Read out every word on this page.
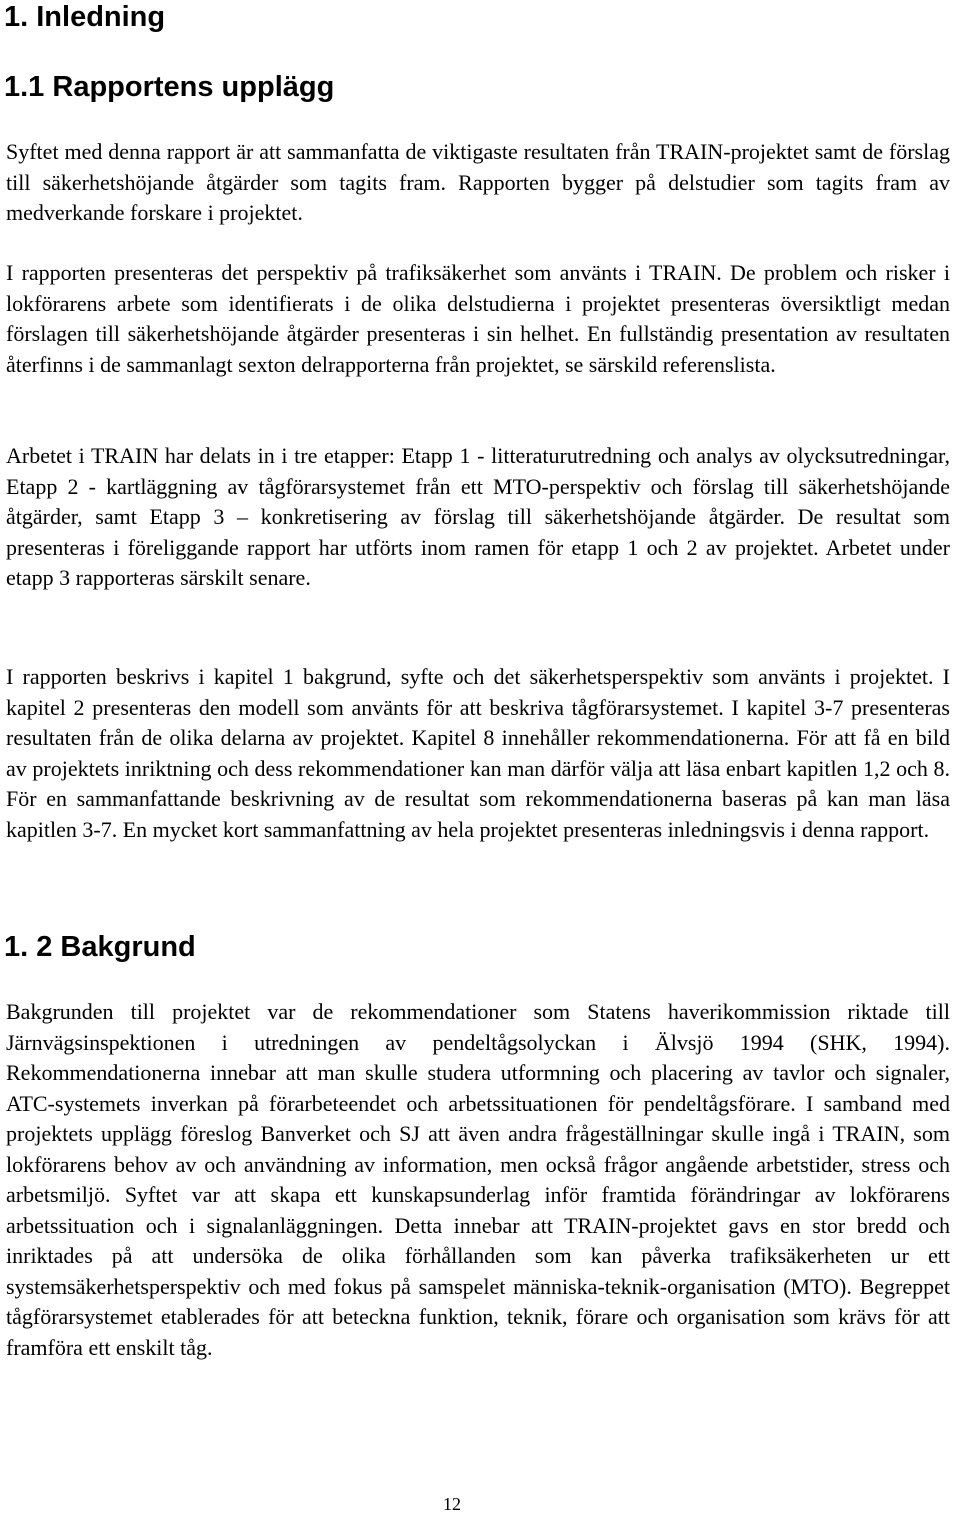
1. Inledning
1.1 Rapportens upplägg

Syftet med denna rapport är att sammanfatta de viktigaste resultaten från TRAIN-projektet samt de förslag till säkerhetshöjande åtgärder som tagits fram. Rapporten bygger på delstudier som tagits fram av medverkande forskare i projektet.

I rapporten presenteras det perspektiv på trafiksäkerhet som använts i TRAIN. De problem och risker i lokförarens arbete som identifierats i de olika delstudierna i projektet presenteras översiktligt medan förslagen till säkerhetshöjande åtgärder presenteras i sin helhet. En fullständig presentation av resultaten återfinns i de sammanlagt sexton delrapporterna från projektet, se särskild referenslista.

Arbetet i TRAIN har delats in i tre etapper: Etapp 1 - litteraturutredning och analys av olycksutredningar, Etapp 2 - kartläggning av tågförarsystemet från ett MTO-perspektiv och förslag till säkerhetshöjande åtgärder, samt Etapp 3 – konkretisering av förslag till säkerhetshöjande åtgärder. De resultat som presenteras i föreliggande rapport har utförts inom ramen för etapp 1 och 2 av projektet. Arbetet under etapp 3 rapporteras särskilt senare.

I rapporten beskrivs i kapitel 1 bakgrund, syfte och det säkerhetsperspektiv som använts i projektet. I kapitel 2 presenteras den modell som använts för att beskriva tågförarsystemet. I kapitel 3-7 presenteras resultaten från de olika delarna av projektet. Kapitel 8 innehåller rekommendationerna. För att få en bild av projektets inriktning och dess rekommendationer kan man därför välja att läsa enbart kapitlen 1,2 och 8. För en sammanfattande beskrivning av de resultat som rekommendationerna baseras på kan man läsa kapitlen 3-7. En mycket kort sammanfattning av hela projektet presenteras inledningsvis i denna rapport.

1. 2 Bakgrund

Bakgrunden till projektet var de rekommendationer som Statens haverikommission riktade till Järnvägsinspektionen i utredningen av pendeltågsolyckan i Älvsjö 1994 (SHK, 1994). Rekommendationerna innebar att man skulle studera utformning och placering av tavlor och signaler, ATC-systemets inverkan på förarbeteendet och arbetssituationen för pendeltågsförare. I samband med projektets upplägg föreslog Banverket och SJ att även andra frågeställningar skulle ingå i TRAIN, som lokförarens behov av och användning av information, men också frågor angående arbetstider, stress och arbetsmiljö. Syftet var att skapa ett kunskapsunderlag inför framtida förändringar av lokförarens arbetssituation och i signalanläggningen. Detta innebar att TRAIN-projektet gavs en stor bredd och inriktades på att undersöka de olika förhållanden som kan påverka trafiksäkerheten ur ett systemsäkerhetsperspektiv och med fokus på samspelet människa-teknik-organisation (MTO). Begreppet tågförarsystemet etablerades för att beteckna funktion, teknik, förare och organisation som krävs för att framföra ett enskilt tåg.

12
